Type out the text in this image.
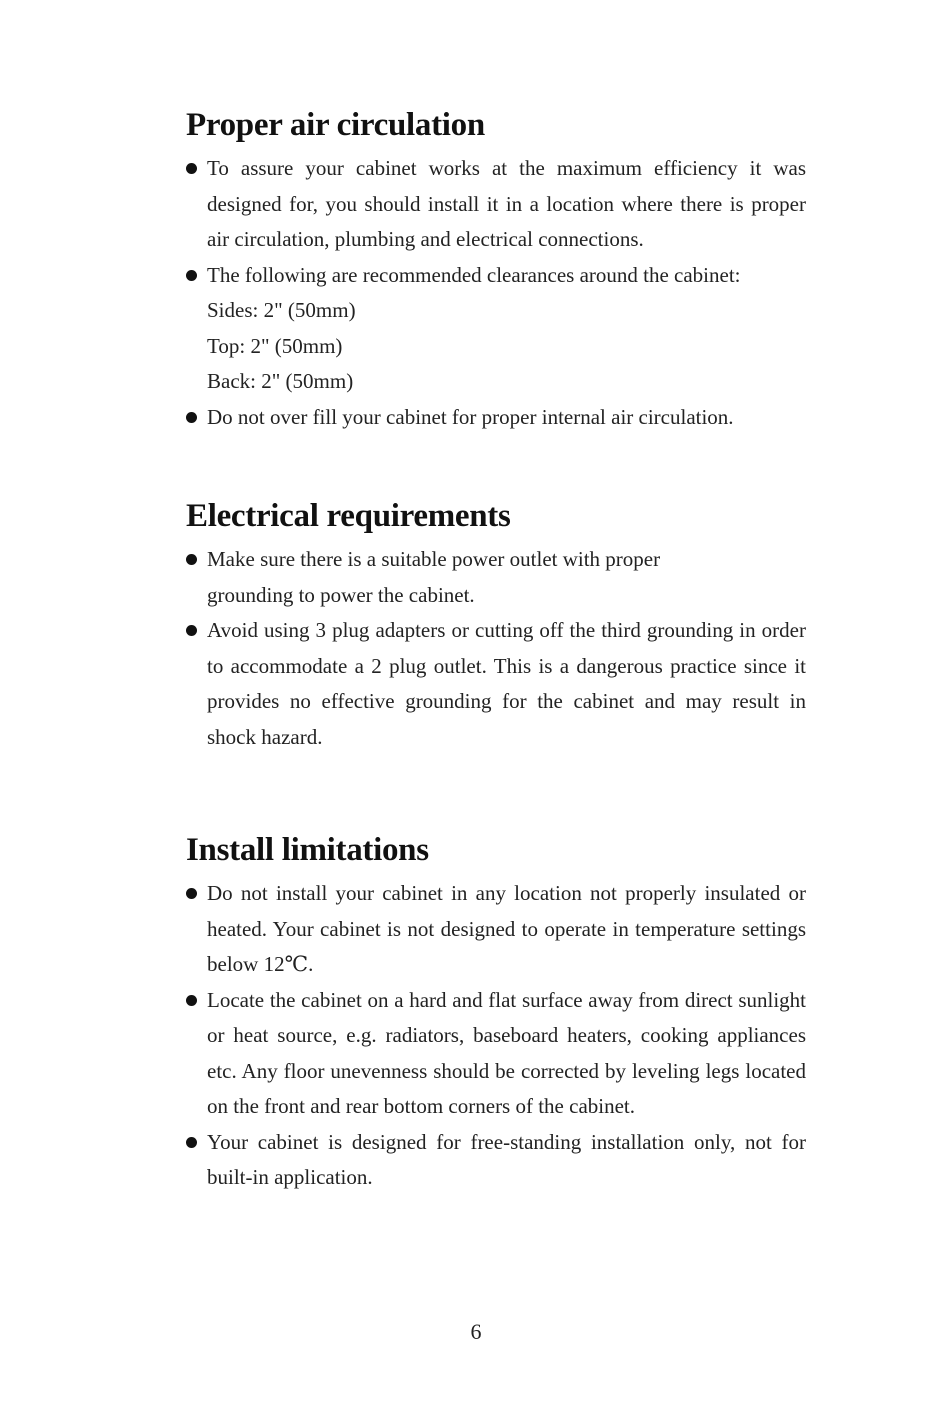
Proper air circulation
To assure your cabinet works at the maximum efficiency it was designed for, you should install it in a location where there is proper air circulation, plumbing and electrical connections.
The following are recommended clearances around the cabinet:
Sides: 2" (50mm)
Top: 2" (50mm)
Back: 2" (50mm)
Do not over fill your cabinet for proper internal air circulation.
Electrical requirements
Make sure there is a suitable power outlet with proper grounding to power the cabinet.
Avoid using 3 plug adapters or cutting off the third grounding in order to accommodate a 2 plug outlet. This is a dangerous practice since it provides no effective grounding for the cabinet and may result in shock hazard.
Install limitations
Do not install your cabinet in any location not properly insulated or heated. Your cabinet is not designed to operate in temperature settings below 12℃.
Locate the cabinet on a hard and flat surface away from direct sunlight or heat source, e.g. radiators, baseboard heaters, cooking appliances etc. Any floor unevenness should be corrected by leveling legs located on the front and rear bottom corners of the cabinet.
Your cabinet is designed for free-standing installation only, not for built-in application.
6
